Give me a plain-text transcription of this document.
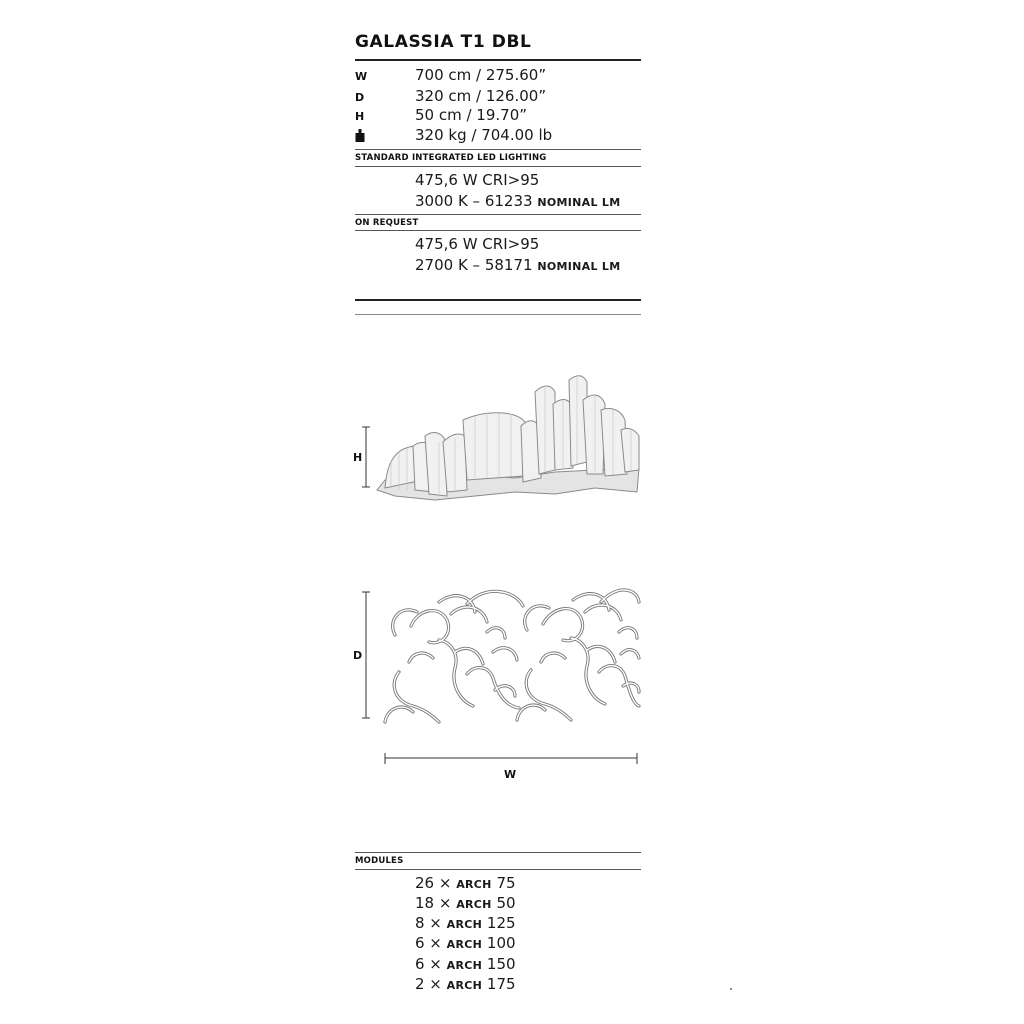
GALASSIA T1 DBL
W	700 cm / 275.60”
D	320 cm / 126.00”
H	50 cm / 19.70”
320 kg / 704.00 lb
STANDARD INTEGRATED LED LIGHTING
475,6 W CRI>95
3000 K – 61233 NOMINAL LM
ON REQUEST
475,6 W CRI>95
2700 K – 58171 NOMINAL LM
H
D
W
MODULES
26 × ARCH 75
18 × ARCH 50
8 × ARCH 125
6 × ARCH 100
6 × ARCH 150
2 × ARCH 175
